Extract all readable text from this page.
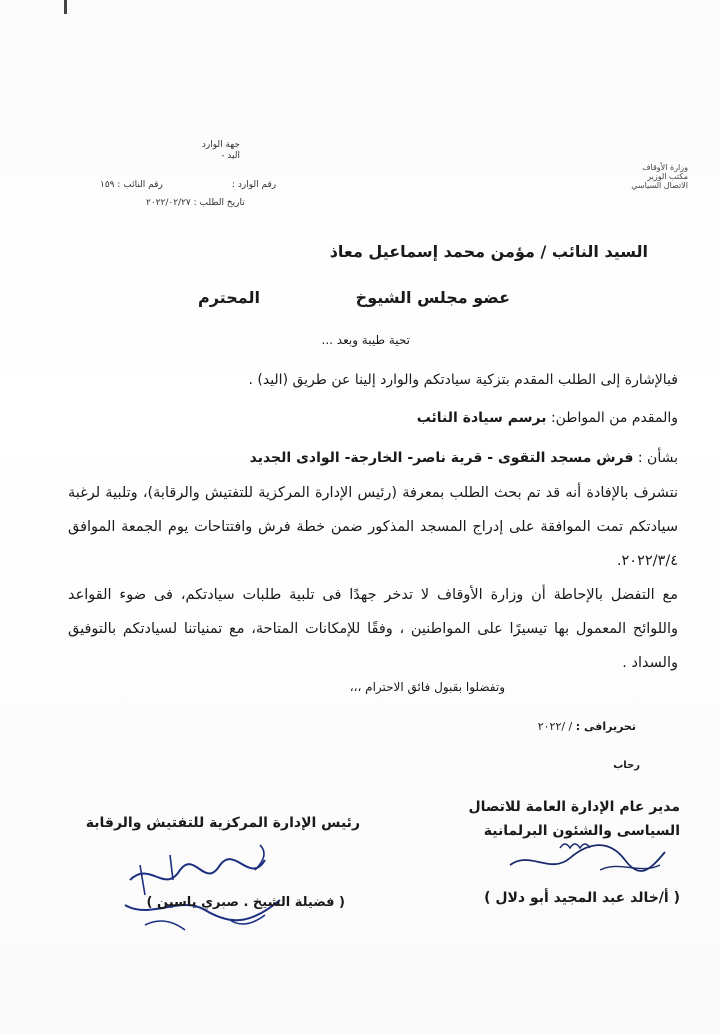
وزارة الأوقاف
مكتب الوزير
الاتصال السياسي
جهة الوارد
اليد -
رقم الوارد :
رقم النائب : ١٥٩
تاريخ الطلب : ٢٠٢٢/٠٢/٢٧
السيد النائب / مؤمن محمد إسماعيل معاذ
عضو مجلس الشيوخ
المحترم
تحية طيبة وبعد ...
فبالإشارة إلى الطلب المقدم بتزكية سيادتكم والوارد إلينا عن طريق (اليد) .
والمقدم من المواطن: برسم سيادة النائب
بشأن : فرش مسجد التقوى - قرية ناصر- الخارجة- الوادى الجديد
نتشرف بالإفادة أنه قد تم بحث الطلب بمعرفة (رئيس الإدارة المركزية للتفتيش والرقابة)، وتلبية لرغبة سيادتكم تمت الموافقة على إدراج المسجد المذكور ضمن خطة فرش وافتتاحات يوم الجمعة الموافق ٢٠٢٢/٣/٤.
مع التفضل بالإحاطة أن وزارة الأوقاف لا تدخر جهدًا فى تلبية طلبات سيادتكم، فى ضوء القواعد واللوائح المعمول بها تيسيرًا على المواطنين ، وفقًا للإمكانات المتاحة، مع تمنياتنا لسيادتكم بالتوفيق والسداد .
وتفضلوا بقبول فائق الاحترام ،،،
تحريرافى : / /٢٠٢٢
رحاب
مدير عام الإدارة العامة للاتصال
السياسى والشئون البرلمانية
( أ/خالد عبد المجيد أبو دلال )
رئيس الإدارة المركزية للتفتيش والرقابة
( فضيلة الشيخ . صبري ياسين )
